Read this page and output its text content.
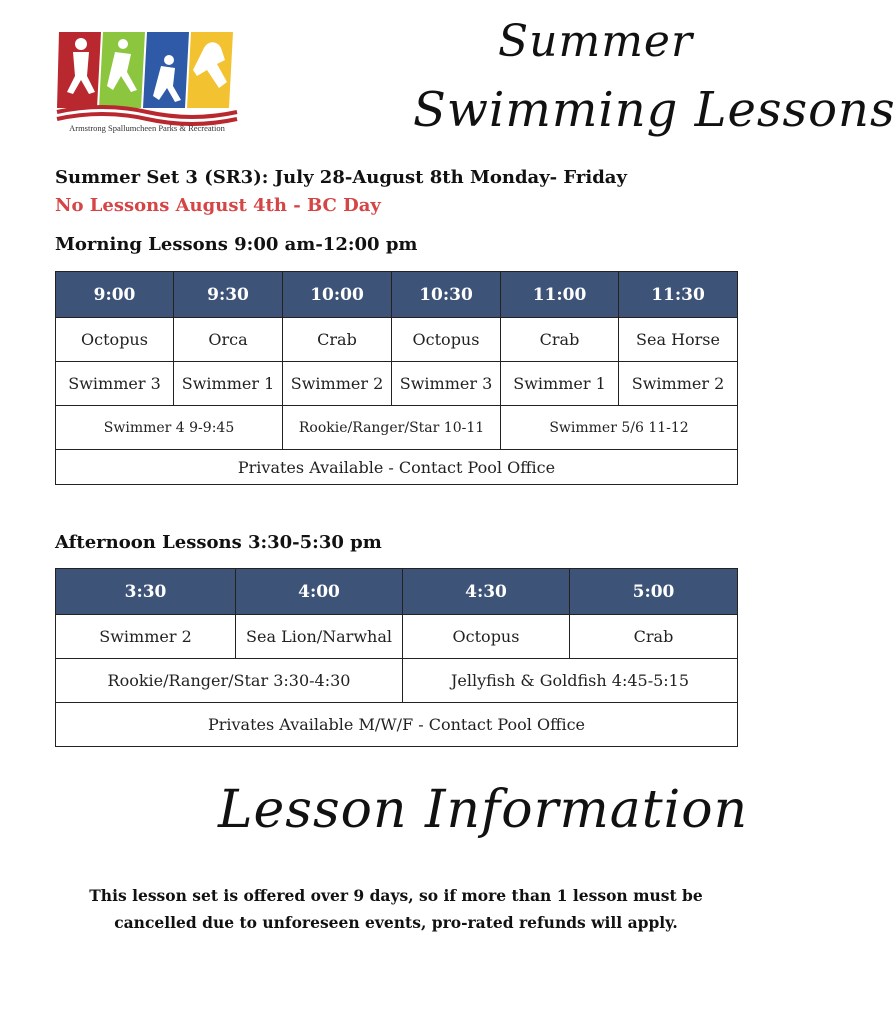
Armstrong Spallumcheen Parks & Recreation
Summer
Swimming Lessons
Summer Set 3 (SR3): July 28-August 8th Monday- Friday
No Lessons August 4th - BC Day
Morning Lessons 9:00 am-12:00 pm
9:00	9:30	10:00	10:30	11:00	11:30
Octopus	Orca	Crab	Octopus	Crab	Sea Horse
Swimmer 3	Swimmer 1	Swimmer 2	Swimmer 3	Swimmer 1	Swimmer 2
Swimmer 4 9-9:45		Rookie/Ranger/Star 10-11		Swimmer 5/6 11-12	
Privates Available - Contact Pool Office					
Afternoon Lessons 3:30-5:30 pm
3:30	4:00	4:30	5:00
Swimmer 2	Sea Lion/Narwhal	Octopus	Crab
Rookie/Ranger/Star 3:30-4:30		Jellyfish & Goldfish 4:45-5:15	
Privates Available M/W/F - Contact Pool Office			
Lesson Information
This lesson set is offered over 9 days, so if more than 1 lesson must be cancelled due to unforeseen events, pro-rated refunds will apply.
